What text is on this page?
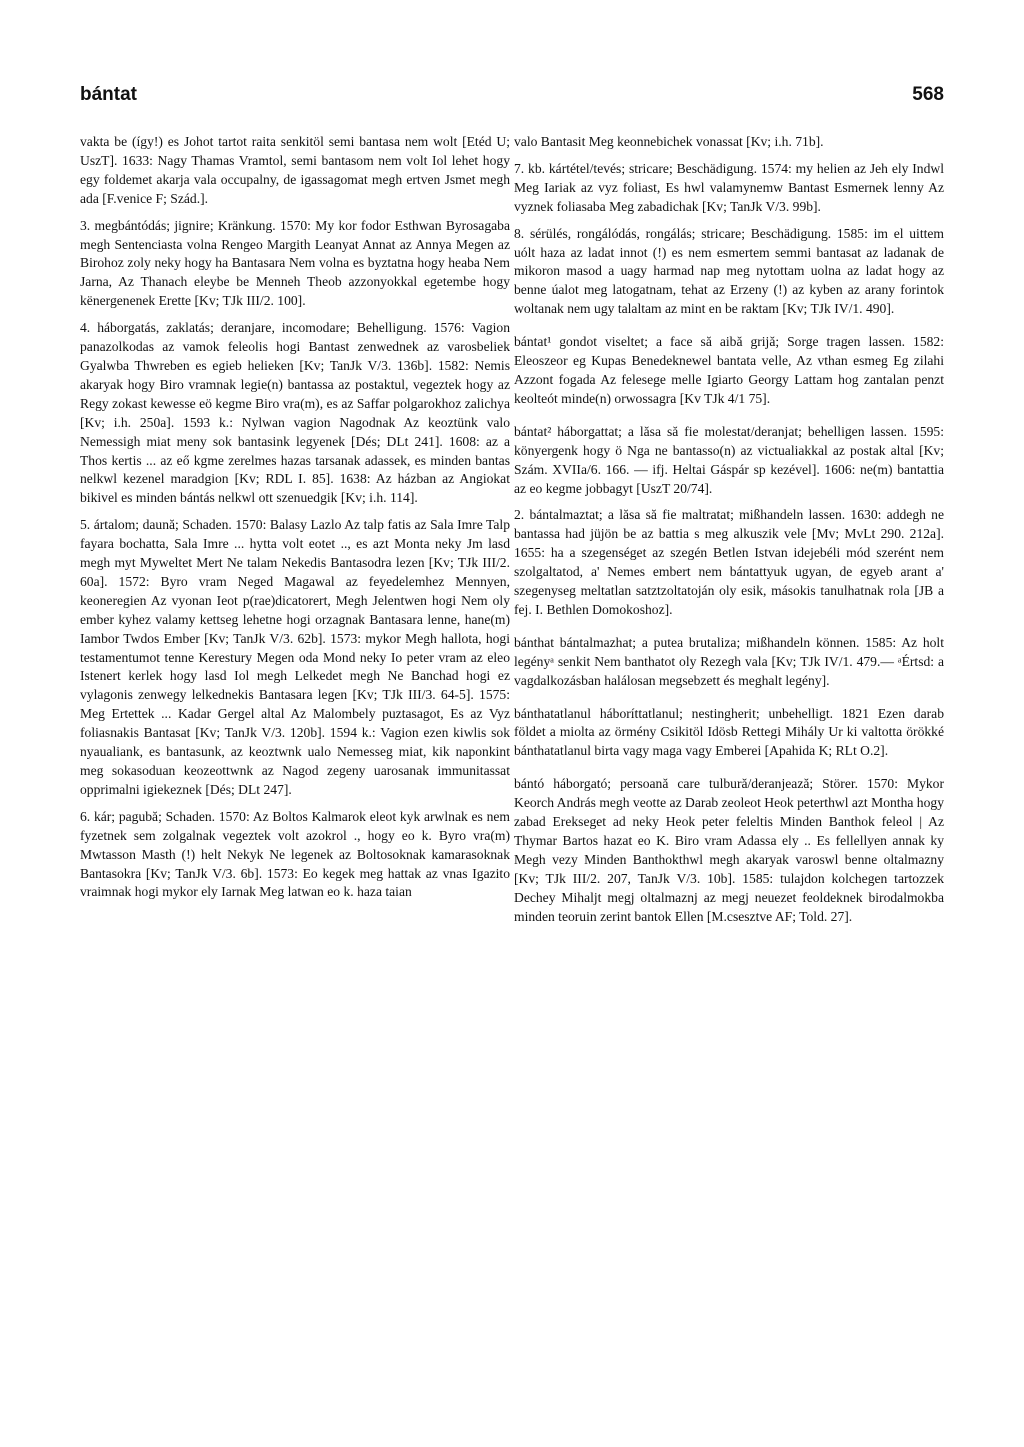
bántat	568

vakta be (így!) es Johot tartot raita senkitöl semi bantasa nem wolt [Etéd U; UszT]. 1633: Nagy Thamas Vramtol, semi bantasom nem volt Iol lehet hogy egy foldemet akarja vala occupalny, de igassagomat megh ertven Jsmet megh ada [F.venice F; Szád.].

3. megbántódás; jignire; Kränkung. 1570: My kor fodor Esthwan Byrosagaba megh Sentenciasta volna Rengeo Margith Leanyat Annat az Annya Megen az Birohoz zoly neky hogy ha Bantasara Nem volna es byztatna hogy heaba Nem Jarna, Az Thanach eleybe be Menneh Theob azzonyokkal egetembe hogy kënergenenek Erette [Kv; TJk III/2. 100].

4. háborgatás, zaklatás; deranjare, incomodare; Behelligung. 1576: Vagion panazolkodas az vamok feleolis hogi Bantast zenwednek az varosbeliek Gyalwba Thwreben es egieb helieken [Kv; TanJk V/3. 136b]. 1582: Nemis akaryak hogy Biro vramnak legie(n) bantassa az postaktul, vegeztek hogy az Regy zokast kewesse eö kegme Biro vra(m), es az Saffar polgarokhoz zalichya [Kv; i.h. 250a]. 1593 k.: Nylwan vagion Nagodnak Az keoztünk valo Nemessigh miat meny sok bantasink legyenek [Dés; DLt 241]. 1608: az a Thos kertis ... az eő kgme zerelmes hazas tarsanak adassek, es minden bantas nelkwl kezenel maradgion [Kv; RDL I. 85]. 1638: Az házban az Angiokat bikivel es minden bántás nelkwl ott szenuedgik [Kv; i.h. 114].

5. ártalom; daună; Schaden. 1570: Balasy Lazlo Az talp fatis az Sala Imre Talp fayara bochatta, Sala Imre ... hytta volt eotet .., es azt Monta neky Jm lasd megh myt Myweltet Mert Ne talam Nekedis Bantasodra lezen [Kv; TJk III/2. 60a]. 1572: Byro vram Neged Magawal az feyedelemhez Mennyen, keoneregien Az vyonan Ieot p(rae)dicatorert, Megh Jelentwen hogi Nem oly ember kyhez valamy kettseg lehetne hogi orzagnak Bantasara lenne, hane(m) Iambor Twdos Ember [Kv; TanJk V/3. 62b]. 1573: mykor Megh hallota, hogi testamentumot tenne Kerestury Megen oda Mond neky Io peter vram az eleo Istenert kerlek hogy lasd Iol megh Lelkedet megh Ne Banchad hogi ez vylagonis zenwegy lelkednekis Bantasara legen [Kv; TJk III/3. 64-5]. 1575: Meg Ertettek ... Kadar Gergel altal Az Malombely puztasagot, Es az Vyz foliasnakis Bantasat [Kv; TanJk V/3. 120b]. 1594 k.: Vagion ezen kiwlis sok nyaualiank, es bantasunk, az keoztwnk ualo Nemesseg miat, kik naponkint meg sokasoduan keozeottwnk az Nagod zegeny uarosanak immunitassat opprimalni igiekeznek [Dés; DLt 247].

6. kár; pagubă; Schaden. 1570: Az Boltos Kalmarok eleot kyk arwlnak es nem fyzetnek sem zolgalnak vegeztek volt azokrol ., hogy eo k. Byro vra(m) Mwtasson Masth (!) helt Nekyk Ne legenek az Boltosoknak kamarasoknak Bantasokra [Kv; TanJk V/3. 6b]. 1573: Eo kegek meg hattak az vnas Igazito vraimnak hogi mykor ely Iarnak Meg latwan eo k. haza taian

valo Bantasit Meg keonnebichek vonassat [Kv; i.h. 71b].

7. kb. kártétel/tevés; stricare; Beschädigung. 1574: my helien az Jeh ely Indwl Meg Iariak az vyz foliast, Es hwl valamynemw Bantast Esmernek lenny Az vyznek foliasaba Meg zabadichak [Kv; TanJk V/3. 99b].

8. sérülés, rongálódás, rongálás; stricare; Beschädigung. 1585: im el uittem uólt haza az ladat innot (!) es nem esmertem semmi bantasat az ladanak de mikoron masod a uagy harmad nap meg nytottam uolna az ladat hogy az benne úalot meg latogatnam, tehat az Erzeny (!) az kyben az arany forintok woltanak nem ugy talaltam az mint en be raktam [Kv; TJk IV/1. 490].

bántat¹ gondot viseltet; a face să aibă grijă; Sorge tragen lassen. 1582: Eleoszeor eg Kupas Benedeknewel bantata velle, Az vthan esmeg Eg zilahi Azzont fogada Az felesege melle Igiarto Georgy Lattam hog zantalan penzt keolteót minde(n) orwossagra [Kv TJk 4/1 75].

bántat² háborgattat; a lăsa să fie molestat/deranjat; behelligen lassen. 1595: könyergenk hogy ö Nga ne bantasso(n) az victualiakkal az postak altal [Kv; Szám. XVIIa/6. 166. — ifj. Heltai Gáspár sp kezével]. 1606: ne(m) bantattia az eo kegme jobbagyt [UszT 20/74].

2. bántalmaztat; a lăsa să fie maltratat; mißhandeln lassen. 1630: addegh ne bantassa had jüjön be az battia s meg alkuszik vele [Mv; MvLt 290. 212a]. 1655: ha a szegenséget az szegén Betlen Istvan idejebéli mód szerént nem szolgaltatod, a' Nemes embert nem bántattyuk ugyan, de egyeb arant a' szegenyseg meltatlan satztzoltatoján oly esik, másokis tanulhatnak rola [JB a fej. I. Bethlen Domokoshoz].

bánthat bántalmazhat; a putea brutaliza; mißhandeln können. 1585: Az holt legényᵃ senkit Nem banthatot oly Rezegh vala [Kv; TJk IV/1. 479.— ᵃÉrtsd: a vagdalkozásban halálosan megsebzett és meghalt legény].

bánthatatlanul háboríttatlanul; nestingherit; unbehelligt. 1821 Ezen darab földet a miolta az örmény Csikitöl Idösb Rettegi Mihály Ur ki valtotta örökké bánthatatlanul birta vagy maga vagy Emberei [Apahida K; RLt O.2].

bántó háborgató; persoană care tulbură/deranjează; Störer. 1570: Mykor Keorch András megh veotte az Darab zeoleot Heok peterthwl azt Montha hogy zabad Erekseget ad neky Heok peter feleltis Minden Banthok feleol | Az Thymar Bartos hazat eo K. Biro vram Adassa ely .. Es fellellyen annak ky Megh vezy Minden Banthokthwl megh akaryak varoswl benne oltalmazny [Kv; TJk III/2. 207, TanJk V/3. 10b]. 1585: tulajdon kolchegen tartozzek Dechey Mihaljt megj oltalmaznj az megj neuezet feoldeknek birodalmokba minden teoruin zerint bantok Ellen [M.csesztve AF; Told. 27].
